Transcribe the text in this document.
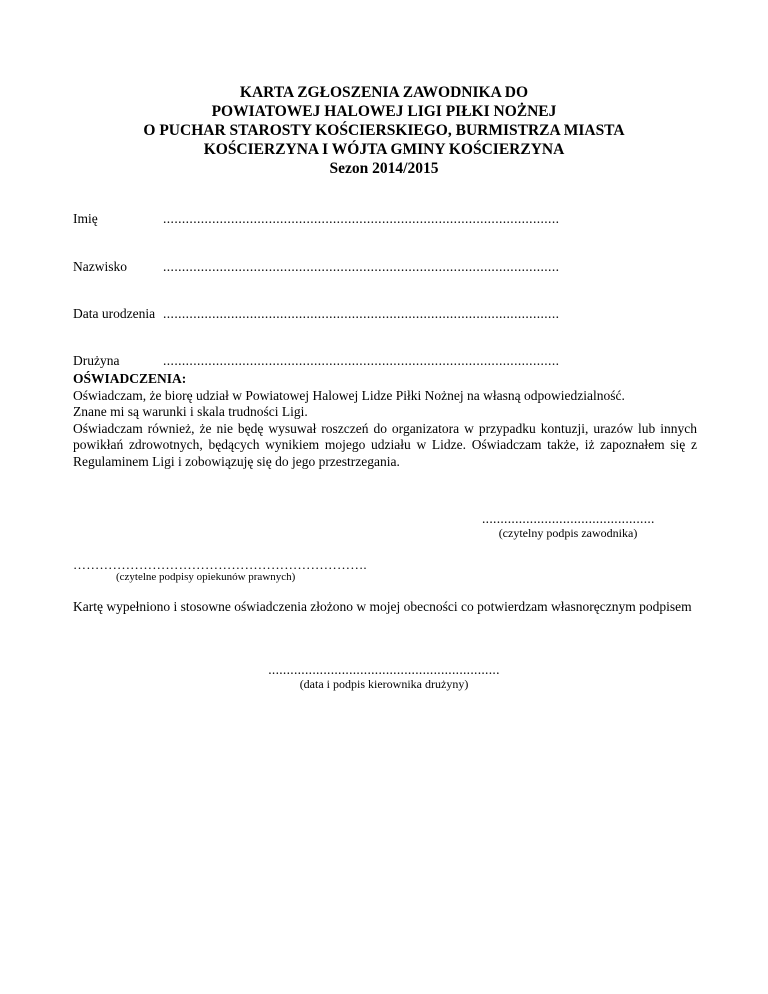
KARTA ZGŁOSZENIA ZAWODNIKA DO
POWIATOWEJ HALOWEJ LIGI PIŁKI NOŻNEJ
O PUCHAR STAROSTY KOŚCIERSKIEGO, BURMISTRZA MIASTA
KOŚCIERZYNA I WÓJTA GMINY KOŚCIERZYNA
Sezon 2014/2015
Imię	.........................................................................................................
Nazwisko	.........................................................................................................
Data urodzenia .........................................................................................................
Drużyna	.........................................................................................................
OŚWIADCZENIA:

Oświadczam, że biorę udział w Powiatowej Halowej Lidze Piłki Nożnej na własną odpowiedzialność.

Znane mi są warunki i skala trudności Ligi.

Oświadczam również, że nie będę wysuwał roszczeń do organizatora w przypadku kontuzji, urazów lub innych powikłań zdrowotnych, będących wynikiem mojego udziału w Lidze. Oświadczam także, iż zapoznałem się z Regulaminem Ligi i zobowiązuję się do jego przestrzegania.

...............................................
(czytelny podpis zawodnika)
………………………………………………………….
(czytelne podpisy opiekunów prawnych)

Kartę wypełniono i stosowne oświadczenia złożono w mojej obecności co potwierdzam własnoręcznym podpisem

...............................................................
(data i podpis kierownika drużyny)
